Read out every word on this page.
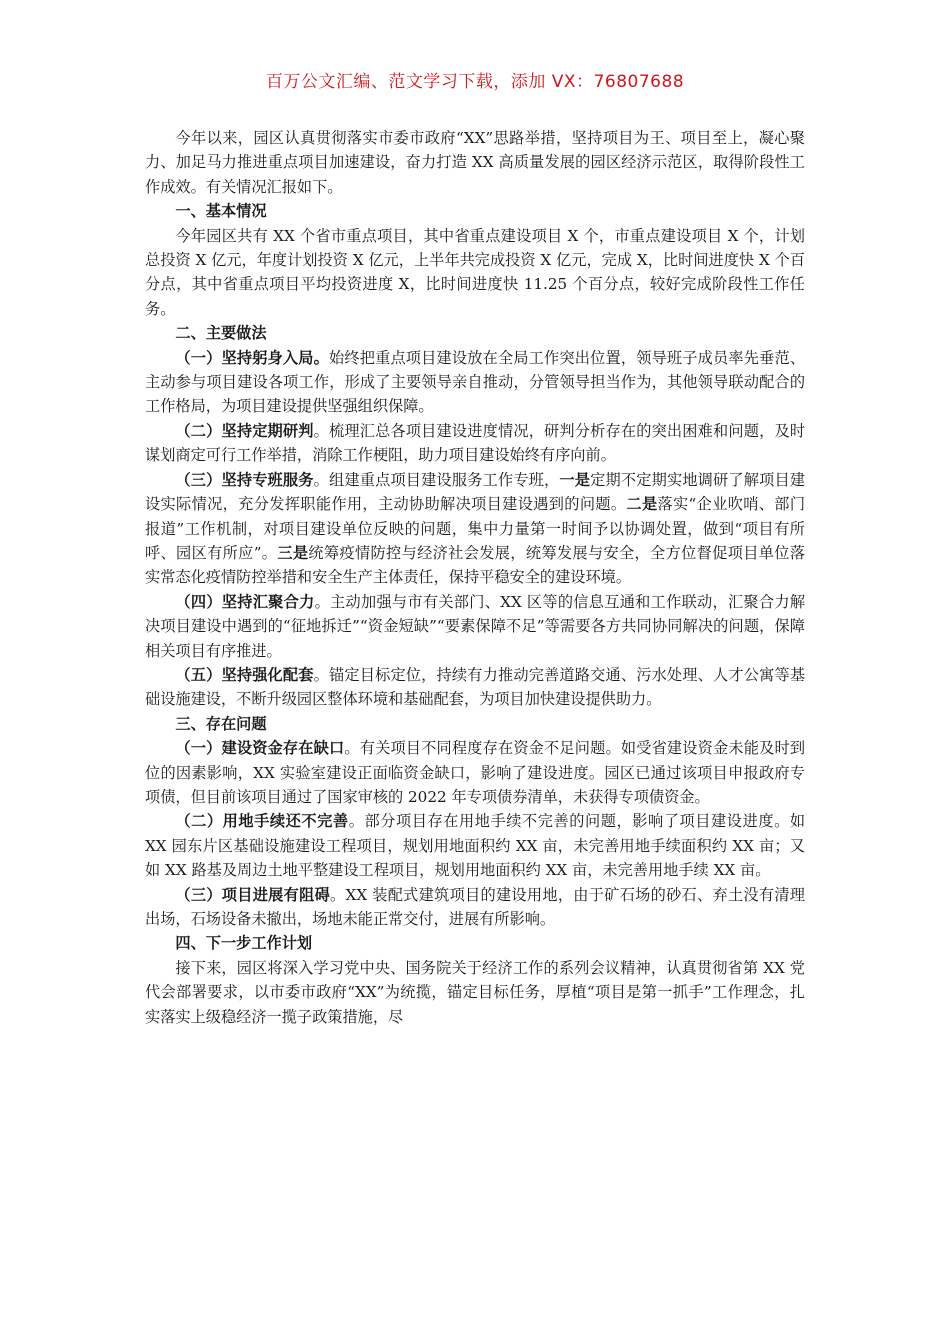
百万公文汇编、范文学习下载，添加 VX：76807688

今年以来，园区认真贯彻落实市委市政府“XX”思路举措，坚持项目为王、项目至上，凝心聚力、加足马力推进重点项目加速建设，奋力打造 XX 高质量发展的园区经济示范区，取得阶段性工作成效。有关情况汇报如下。

一、基本情况

今年园区共有 XX 个省市重点项目，其中省重点建设项目 X 个，市重点建设项目 X 个，计划总投资 X 亿元，年度计划投资 X 亿元，上半年共完成投资 X 亿元，完成 X，比时间进度快 X 个百分点，其中省重点项目平均投资进度 X，比时间进度快 11.25 个百分点，较好完成阶段性工作任务。

二、主要做法

（一）坚持躬身入局。始终把重点项目建设放在全局工作突出位置，领导班子成员率先垂范、主动参与项目建设各项工作，形成了主要领导亲自推动，分管领导担当作为，其他领导联动配合的工作格局，为项目建设提供坚强组织保障。

（二）坚持定期研判。梳理汇总各项目建设进度情况，研判分析存在的突出困难和问题，及时谋划商定可行工作举措，消除工作梗阻，助力项目建设始终有序向前。

（三）坚持专班服务。组建重点项目建设服务工作专班，一是定期不定期实地调研了解项目建设实际情况，充分发挥职能作用，主动协助解决项目建设遇到的问题。二是落实“企业吹哨、部门报道”工作机制，对项目建设单位反映的问题，集中力量第一时间予以协调处置，做到“项目有所呼、园区有所应”。三是统筹疫情防控与经济社会发展，统筹发展与安全，全方位督促项目单位落实常态化疫情防控举措和安全生产主体责任，保持平稳安全的建设环境。

（四）坚持汇聚合力。主动加强与市有关部门、XX 区等的信息互通和工作联动，汇聚合力解决项目建设中遇到的“征地拆迁”“资金短缺”“要素保障不足”等需要各方共同协同解决的问题，保障相关项目有序推进。

（五）坚持强化配套。锚定目标定位，持续有力推动完善道路交通、污水处理、人才公寓等基础设施建设，不断升级园区整体环境和基础配套，为项目加快建设提供助力。

三、存在问题

（一）建设资金存在缺口。有关项目不同程度存在资金不足问题。如受省建设资金未能及时到位的因素影响，XX 实验室建设正面临资金缺口，影响了建设进度。园区已通过该项目申报政府专项债，但目前该项目通过了国家审核的 2022 年专项债券清单，未获得专项债资金。

（二）用地手续还不完善。部分项目存在用地手续不完善的问题，影响了项目建设进度。如 XX 园东片区基础设施建设工程项目，规划用地面积约 XX 亩，未完善用地手续面积约 XX 亩；又如 XX 路基及周边土地平整建设工程项目，规划用地面积约 XX 亩，未完善用地手续 XX 亩。

（三）项目进展有阻碍。XX 装配式建筑项目的建设用地，由于矿石场的砂石、弃土没有清理出场，石场设备未撤出，场地未能正常交付，进展有所影响。

四、下一步工作计划

接下来，园区将深入学习党中央、国务院关于经济工作的系列会议精神，认真贯彻省第 XX 党代会部署要求，以市委市政府“XX”为统揽，锚定目标任务，厚植“项目是第一抓手”工作理念，扎实落实上级稳经济一揽子政策措施，尽
